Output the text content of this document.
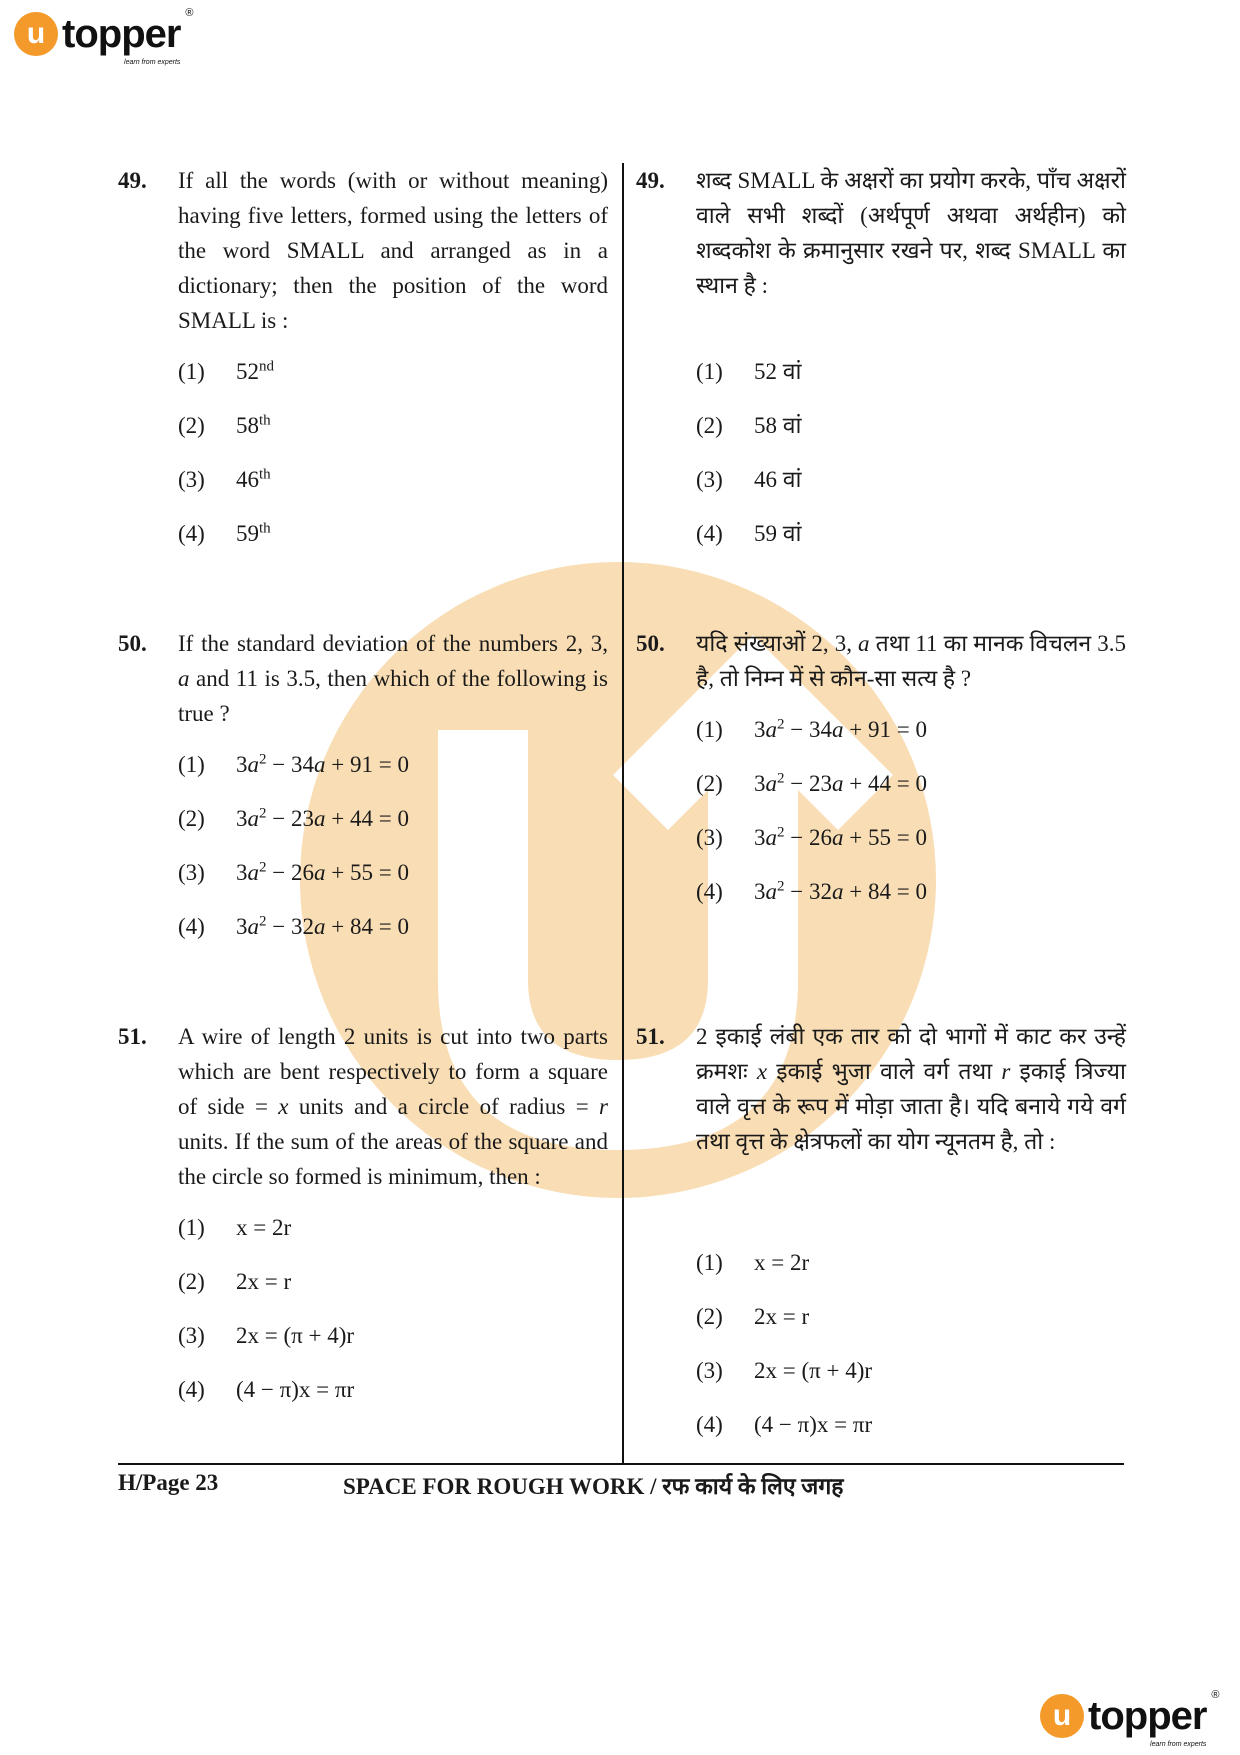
u topper ®
learn from experts
49. If all the words (with or without meaning) having five letters, formed using the letters of the word SMALL and arranged as in a dictionary; then the position of the word SMALL is :
(1)	52nd
(2)	58th
(3)	46th
(4)	59th
49. शब्द SMALL के अक्षरों का प्रयोग करके, पाँच अक्षरों वाले सभी शब्दों (अर्थपूर्ण अथवा अर्थहीन) को शब्दकोश के क्रमानुसार रखने पर, शब्द SMALL का स्थान है :
(1)	52 वां
(2)	58 वां
(3)	46 वां
(4)	59 वां
50. If the standard deviation of the numbers 2, 3, a and 11 is 3.5, then which of the following is true ?
(1)	$3a^2 - 34a + 91 = 0$
(2)	$3a^2 - 23a + 44 = 0$
(3)	$3a^2 - 26a + 55 = 0$
(4)	$3a^2 - 32a + 84 = 0$
50. यदि संख्याओं 2, 3, a तथा 11 का मानक विचलन 3.5 है, तो निम्न में से कौन-सा सत्य है ?
(1)	$3a^2 - 34a + 91 = 0$
(2)	$3a^2 - 23a + 44 = 0$
(3)	$3a^2 - 26a + 55 = 0$
(4)	$3a^2 - 32a + 84 = 0$
51. A wire of length 2 units is cut into two parts which are bent respectively to form a square of side = x units and a circle of radius = r units. If the sum of the areas of the square and the circle so formed is minimum, then :
(1)	x = 2r
(2)	2x = r
(3)	2x = (π + 4)r
(4)	(4 − π)x = πr
51. 2 इकाई लंबी एक तार को दो भागों में काट कर उन्हें क्रमशः x इकाई भुजा वाले वर्ग तथा r इकाई त्रिज्या वाले वृत्त के रूप में मोड़ा जाता है। यदि बनाये गये वर्ग तथा वृत्त के क्षेत्रफलों का योग न्यूनतम है, तो :
(1)	x = 2r
(2)	2x = r
(3)	2x = (π + 4)r
(4)	(4 − π)x = πr
H/Page 23	SPACE FOR ROUGH WORK / रफ कार्य के लिए जगह
u topper ®
learn from experts
